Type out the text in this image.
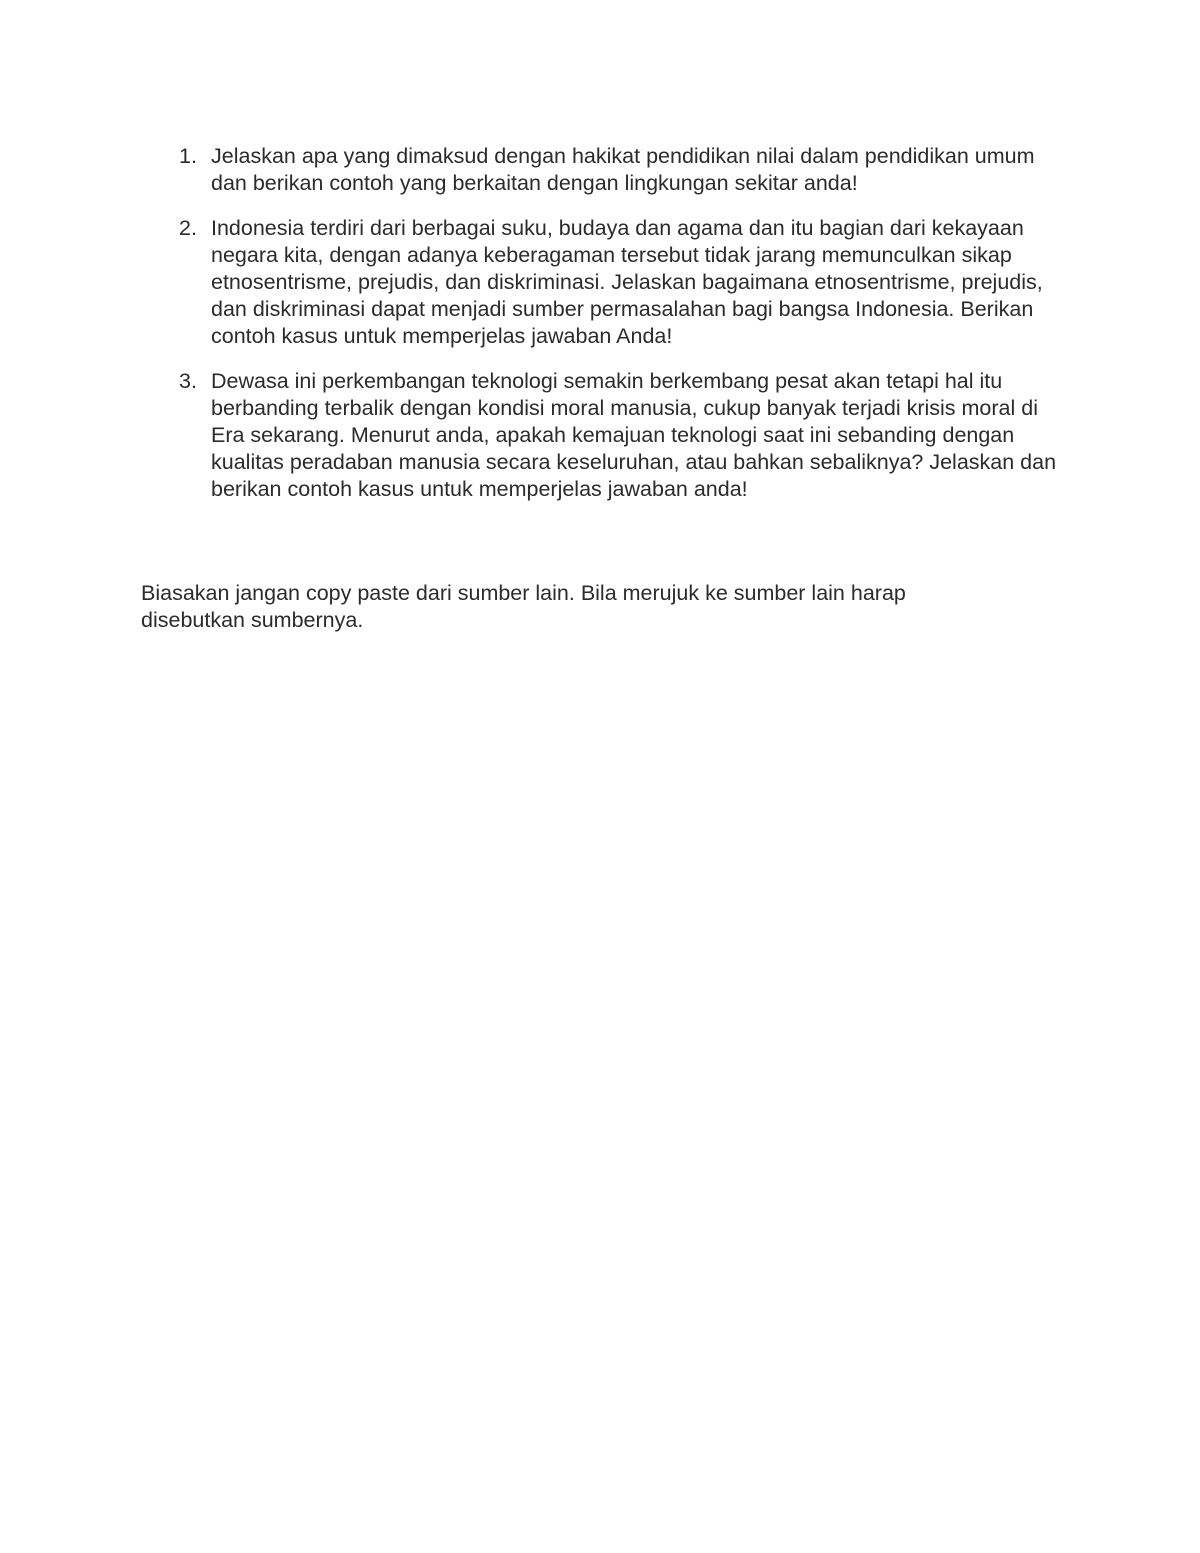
1. Jelaskan apa yang dimaksud dengan hakikat pendidikan nilai dalam pendidikan umum dan berikan contoh yang berkaitan dengan lingkungan sekitar anda!
2. Indonesia terdiri dari berbagai suku, budaya dan agama dan itu bagian dari kekayaan negara kita, dengan adanya keberagaman tersebut tidak jarang memunculkan sikap etnosentrisme, prejudis, dan diskriminasi. Jelaskan bagaimana etnosentrisme, prejudis, dan diskriminasi dapat menjadi sumber permasalahan bagi bangsa Indonesia. Berikan contoh kasus untuk memperjelas jawaban Anda!
3. Dewasa ini perkembangan teknologi semakin berkembang pesat akan tetapi hal itu berbanding terbalik dengan kondisi moral manusia, cukup banyak terjadi krisis moral di Era sekarang. Menurut anda, apakah kemajuan teknologi saat ini sebanding dengan kualitas peradaban manusia secara keseluruhan, atau bahkan sebaliknya? Jelaskan dan berikan contoh kasus untuk memperjelas jawaban anda!

Biasakan jangan copy paste dari sumber lain. Bila merujuk ke sumber lain harap disebutkan sumbernya.
